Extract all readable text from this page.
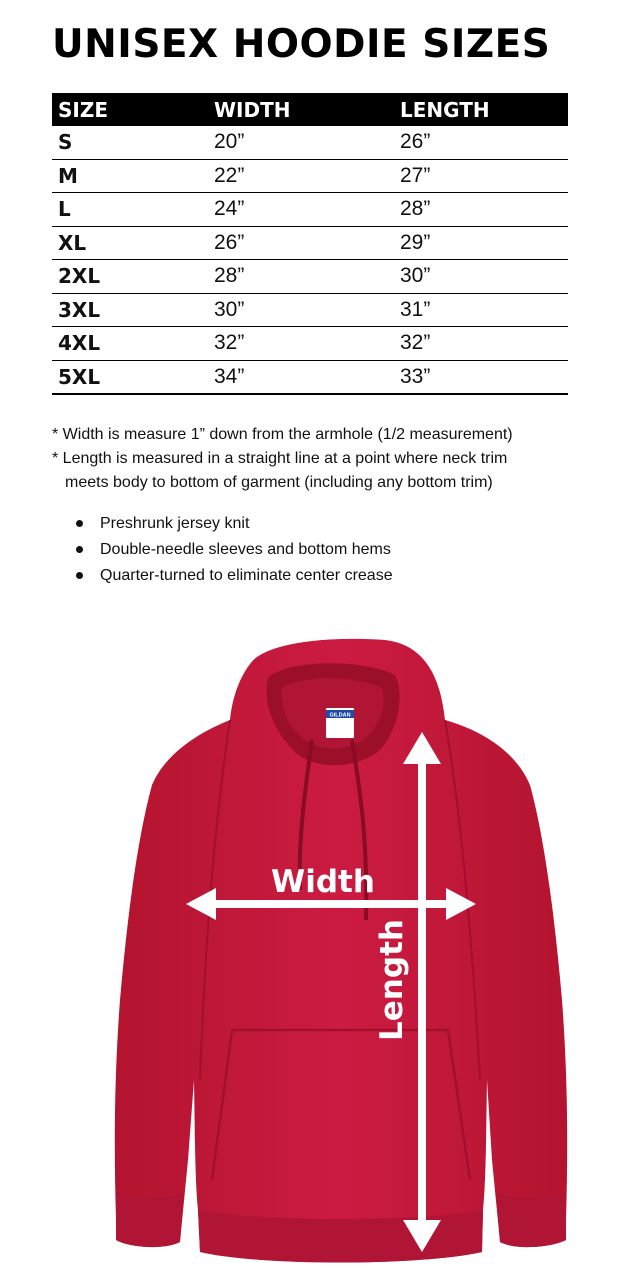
UNISEX HOODIE SIZES
SIZE	WIDTH	LENGTH
S	20”	26”
M	22”	27”
L	24”	28”
XL	26”	29”
2XL	28”	30”
3XL	30”	31”
4XL	32”	32”
5XL	34”	33”
* Width is measure 1” down from the armhole (1/2 measurement)
* Length is measured in a straight line at a point where neck trim
meets body to bottom of garment (including any bottom trim)
Preshrunk jersey knit
Double-needle sleeves and bottom hems
Quarter-turned to eliminate center crease
GILDAN
Width
Length
